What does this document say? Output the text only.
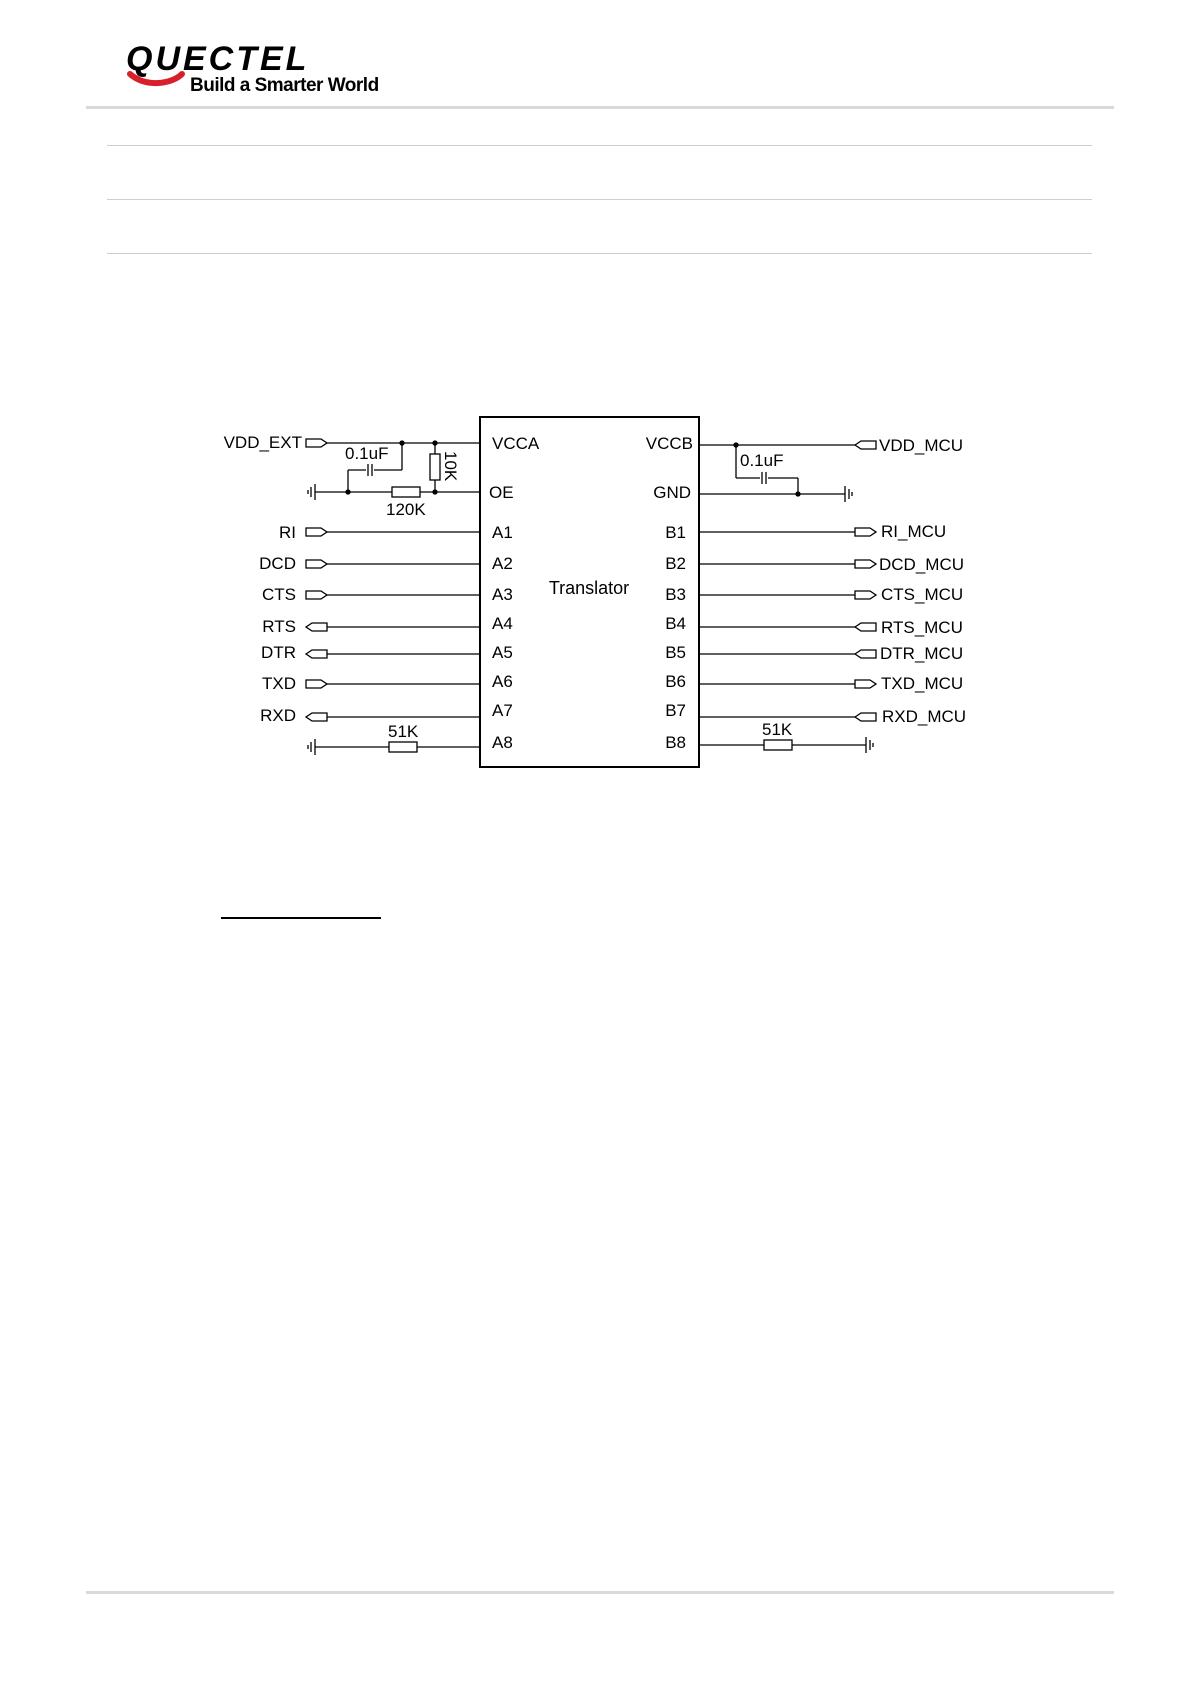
QUECTEL
Build a Smarter World
VCCA
OE
A1
A2
A3
A4
A5
A6
A7
A8
VCCB
GND
B1
B2
B3
B4
B5
B6
B7
B8
Translator
VDD_EXT
RI
DCD
CTS
RTS
DTR
TXD
RXD
VDD_MCU
RI_MCU
DCD_MCU
CTS_MCU
RTS_MCU
DTR_MCU
TXD_MCU
RXD_MCU
0.1uF	10K
120K
51K
0.1uF
51K
